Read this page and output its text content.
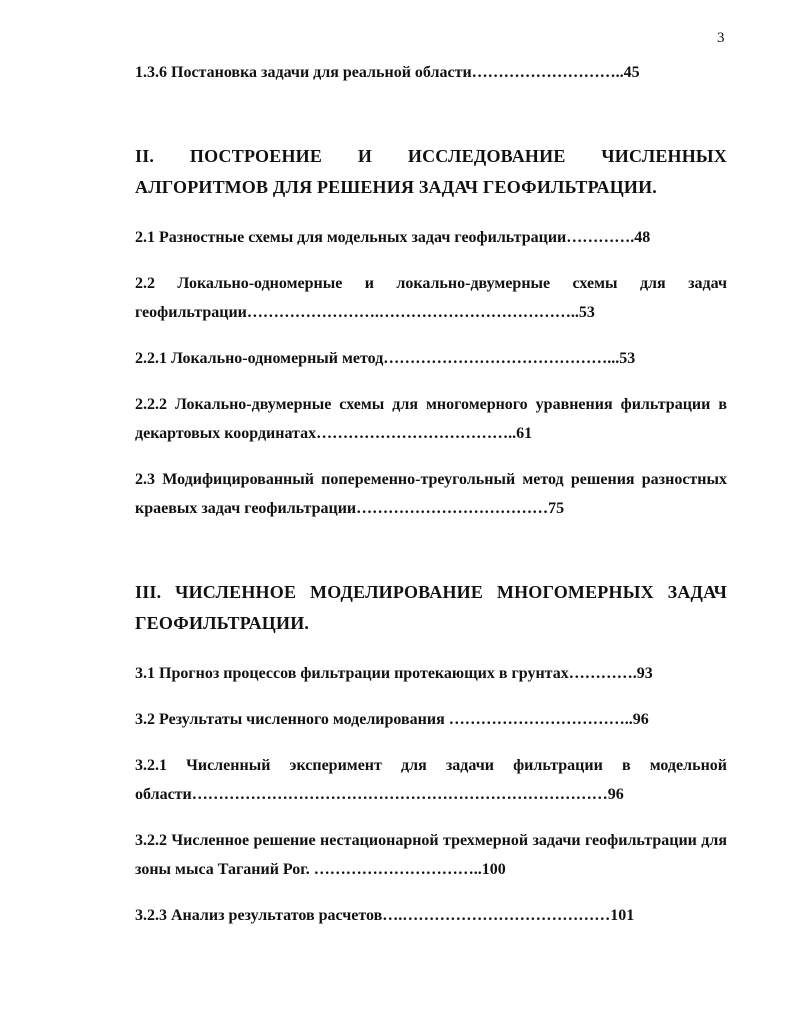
3
1.3.6 Постановка задачи для реальной области………………………..45
II. ПОСТРОЕНИЕ И ИССЛЕДОВАНИЕ ЧИСЛЕННЫХ АЛГОРИТМОВ ДЛЯ РЕШЕНИЯ ЗАДАЧ ГЕОФИЛЬТРАЦИИ.
2.1 Разностные схемы для модельных задач геофильтрации………….48
2.2 Локально-одномерные и локально-двумерные схемы для задач геофильтрации…………………….………………………………..53
2.2.1 Локально-одномерный метод……………………………………...53
2.2.2 Локально-двумерные схемы для многомерного уравнения фильтрации в декартовых координатах………………………………..61
2.3 Модифицированный попеременно-треугольный метод решения разностных краевых задач геофильтрации………………………………75
III. ЧИСЛЕННОЕ МОДЕЛИРОВАНИЕ МНОГОМЕРНЫХ ЗАДАЧ ГЕОФИЛЬТРАЦИИ.
3.1 Прогноз процессов фильтрации протекающих в грунтах………….93
3.2 Результаты численного моделирования ……………………………..96
3.2.1 Численный эксперимент для задачи фильтрации в модельной области……………………………………………………………………96
3.2.2 Численное решение нестационарной трехмерной задачи геофильтрации для зоны мыса Таганий Рог. …………………………..100
3.2.3 Анализ результатов расчетов….…………………………………101
